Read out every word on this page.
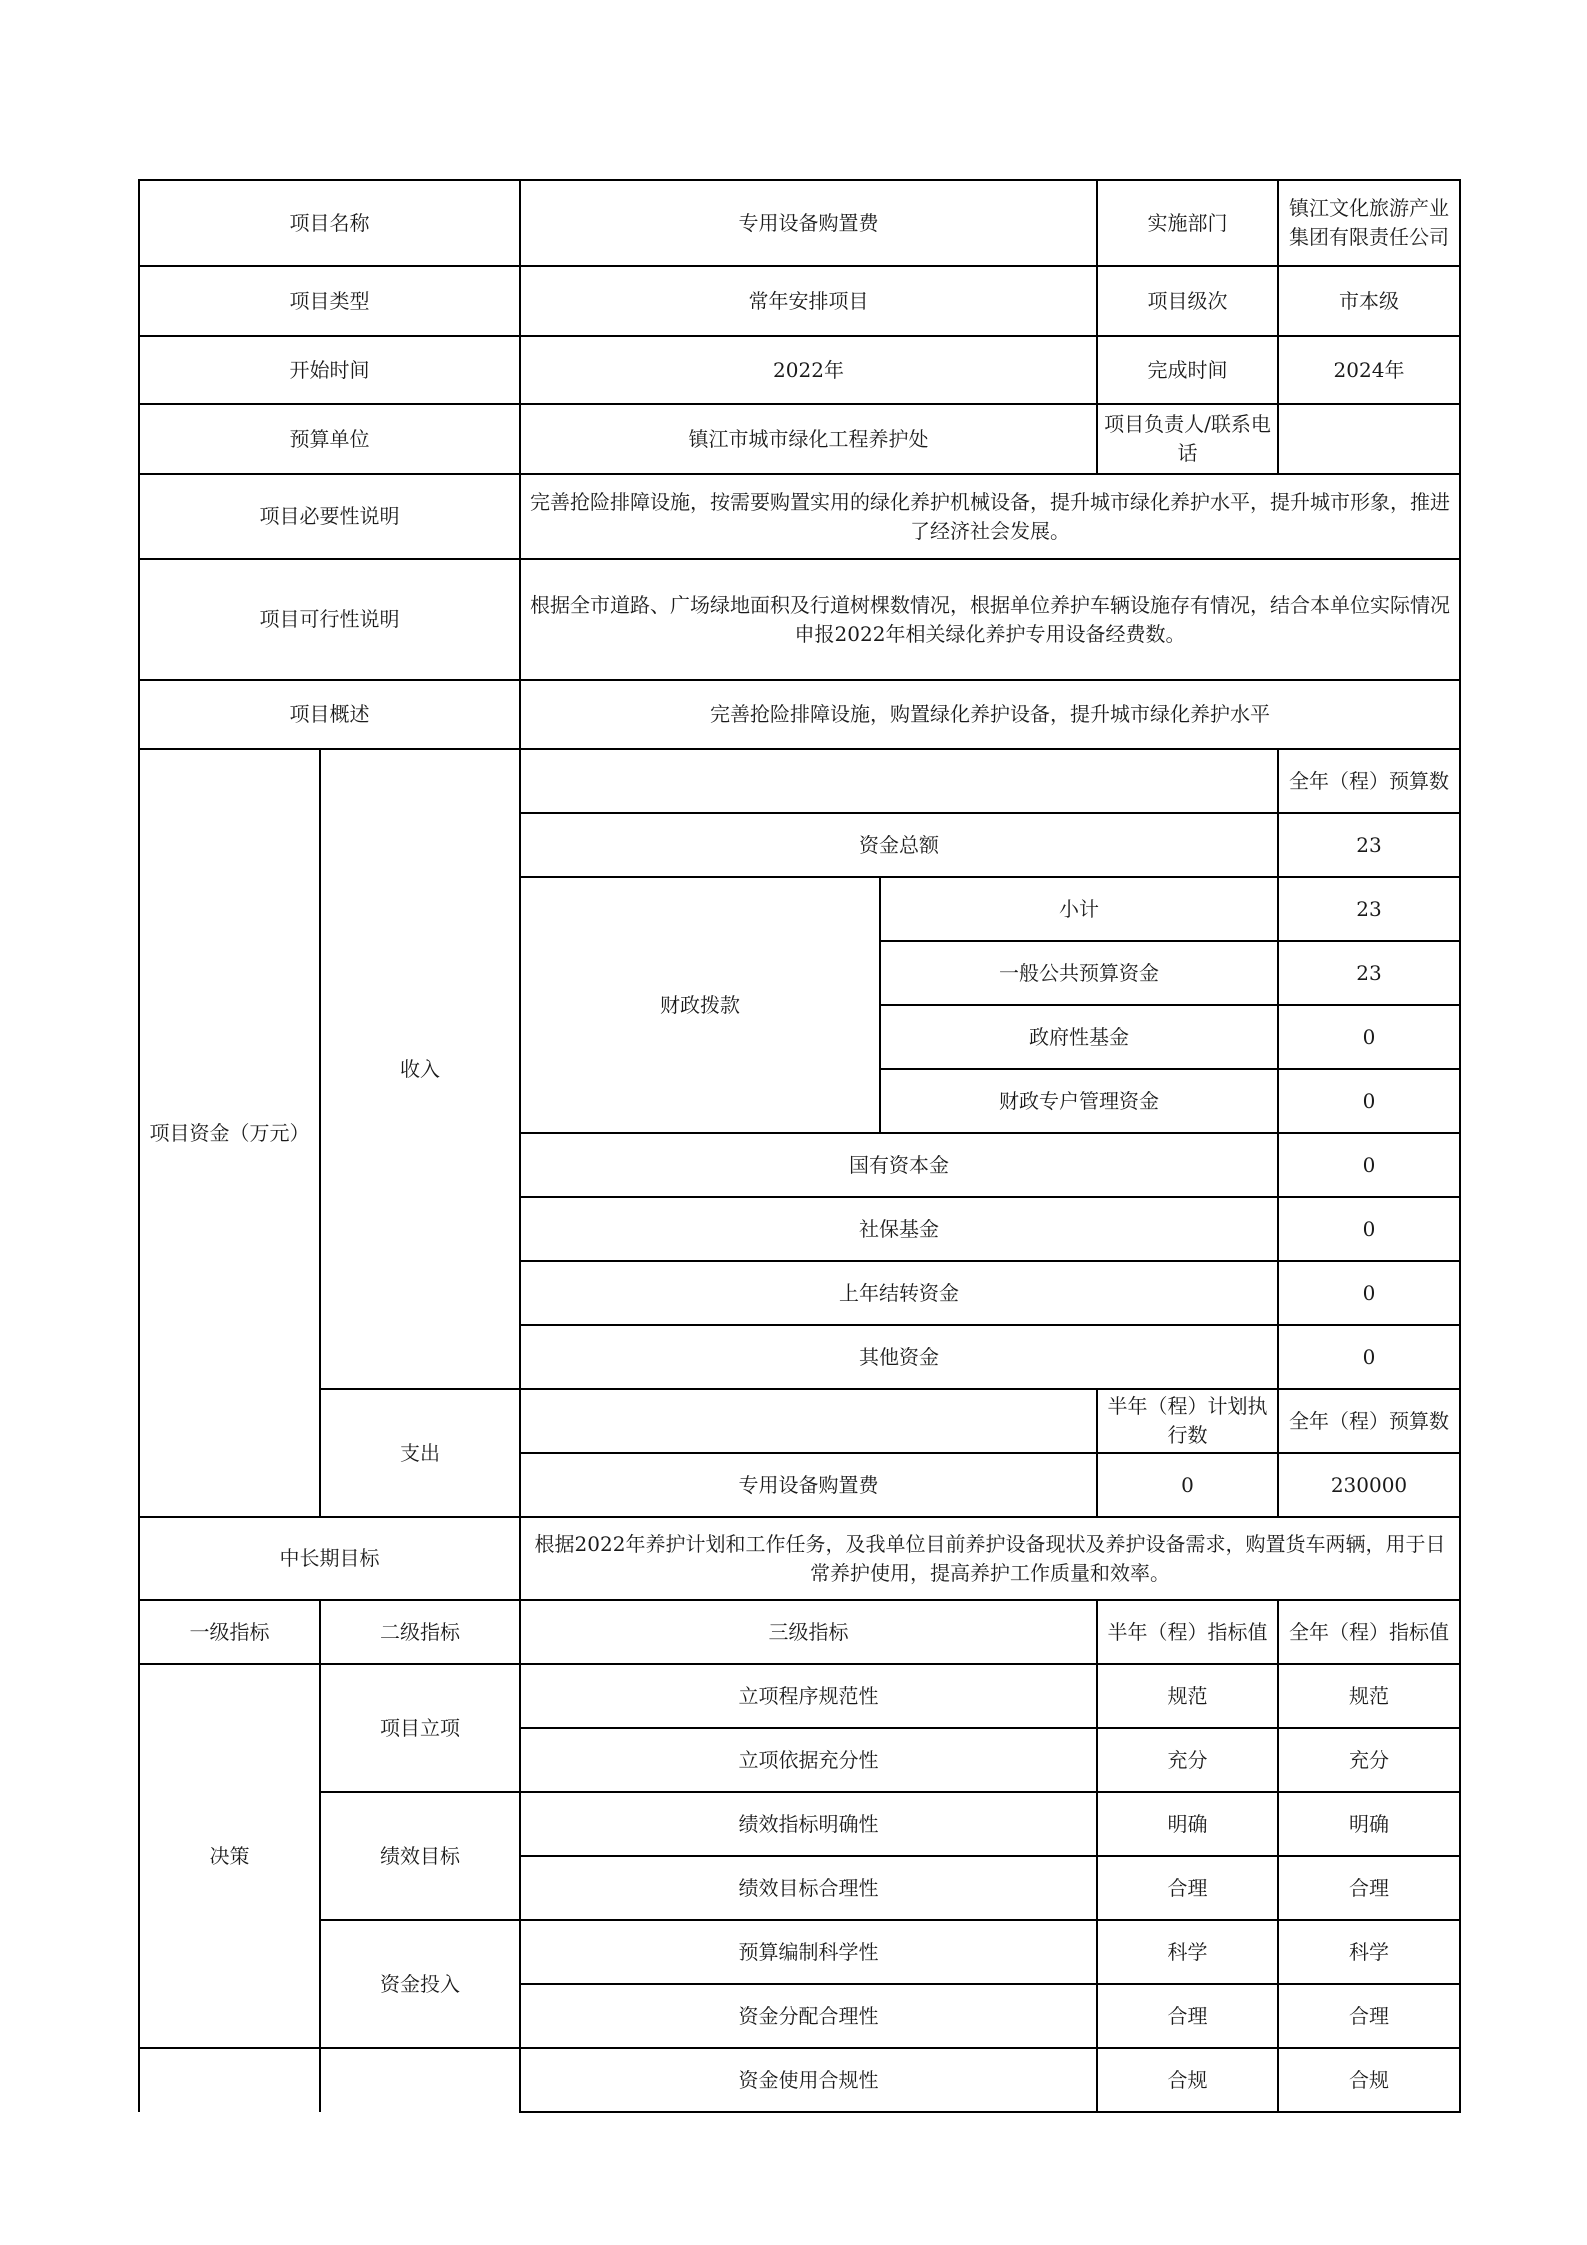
项目名称		专用设备购置费		实施部门	镇江文化旅游产业集团有限责任公司
项目类型		常年安排项目		项目级次	市本级
开始时间		2022年		完成时间	2024年
预算单位		镇江市城市绿化工程养护处		项目负责人/联系电话	
项目必要性说明		完善抢险排障设施，按需要购置实用的绿化养护机械设备，提升城市绿化养护水平，提升城市形象，推进了经济社会发展。			
项目可行性说明		根据全市道路、广场绿地面积及行道树棵数情况，根据单位养护车辆设施存有情况，结合本单位实际情况申报2022年相关绿化养护专用设备经费数。			
项目概述		完善抢险排障设施，购置绿化养护设备，提升城市绿化养护水平			
项目资金（万元）	收入				全年（程）预算数
		资金总额			23
		财政拨款	小计		23
			一般公共预算资金		23
			政府性基金		0
			财政专户管理资金		0
		国有资本金			0
		社保基金			0
		上年结转资金			0
		其他资金			0
	支出			半年（程）计划执行数	全年（程）预算数
		专用设备购置费		0	230000
中长期目标		根据2022年养护计划和工作任务，及我单位目前养护设备现状及养护设备需求，购置货车两辆，用于日常养护使用，提高养护工作质量和效率。			
一级指标	二级指标	三级指标		半年（程）指标值	全年（程）指标值
决策	项目立项	立项程序规范性		规范	规范
		立项依据充分性		充分	充分
	绩效目标	绩效指标明确性		明确	明确
		绩效目标合理性		合理	合理
	资金投入	预算编制科学性		科学	科学
		资金分配合理性		合理	合理
		资金使用合规性		合规	合规
